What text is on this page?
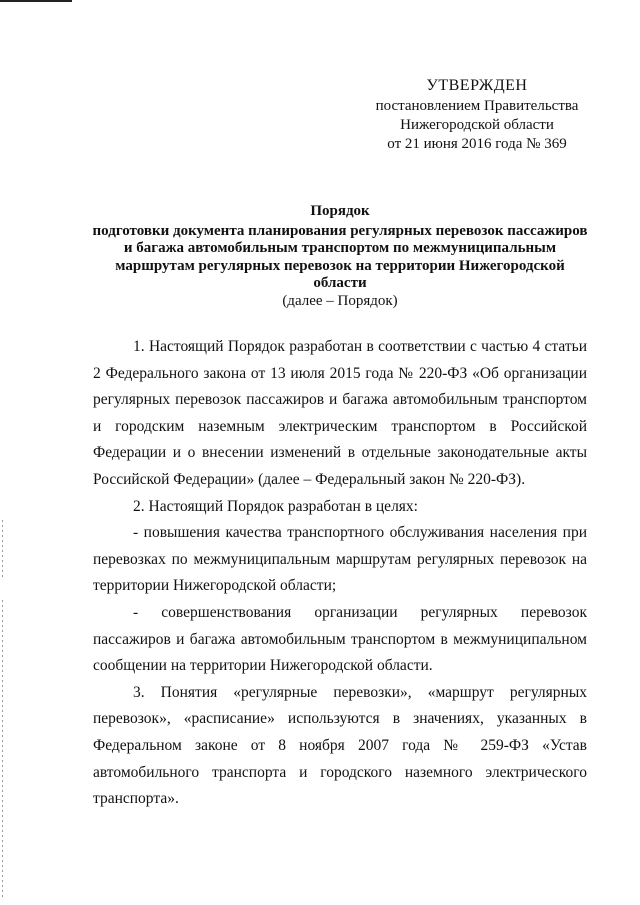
УТВЕРЖДЕН
постановлением Правительства
Нижегородской области
от 21 июня 2016 года № 369
Порядок
подготовки документа планирования регулярных перевозок пассажиров и багажа автомобильным транспортом по межмуниципальным маршрутам регулярных перевозок на территории Нижегородской области
(далее – Порядок)

1. Настоящий Порядок разработан в соответствии с частью 4 статьи 2 Федерального закона от 13 июля 2015 года № 220-ФЗ «Об организации регулярных перевозок пассажиров и багажа автомобильным транспортом и городским наземным электрическим транспортом в Российской Федерации и о внесении изменений в отдельные законодательные акты Российской Федерации» (далее – Федеральный закон № 220-ФЗ).

2. Настоящий Порядок разработан в целях:

- повышения качества транспортного обслуживания населения при перевозках по межмуниципальным маршрутам регулярных перевозок на территории Нижегородской области;

- совершенствования организации регулярных перевозок пассажиров и багажа автомобильным транспортом в межмуниципальном сообщении на территории Нижегородской области.

3. Понятия «регулярные перевозки», «маршрут регулярных перевозок», «расписание» используются в значениях, указанных в Федеральном законе от 8 ноября 2007 года № 259-ФЗ «Устав автомобильного транспорта и городского наземного электрического транспорта».
